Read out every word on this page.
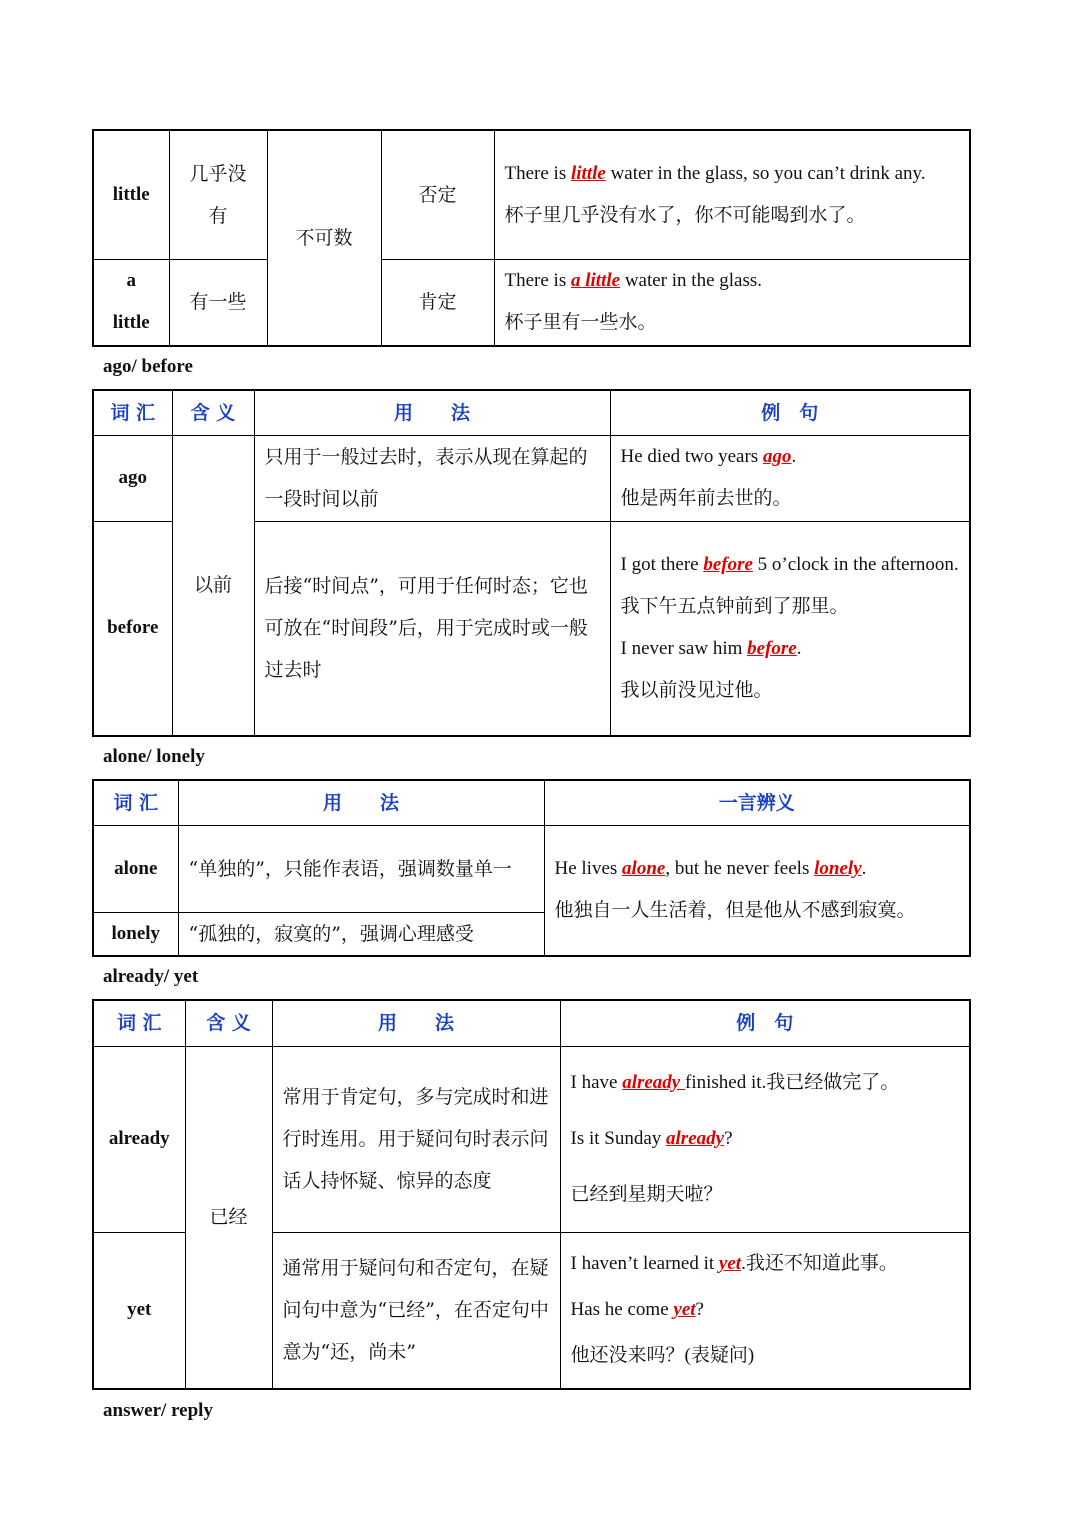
little	几乎没有	不可数	否定	There is little water in the glass, so you can’t drink any.
杯子里几乎没有水了，你不可能喝到水了。

a little	有一些		肯定	There is a little water in the glass.
杯子里有一些水。
ago/ before
词 汇	含 义	用　　法	例　句
ago	以前	只用于一般过去时，表示从现在算起的一段时间以前	He died two years ago.
他是两年前去世的。

before		后接“时间点”，可用于任何时态；它也可放在“时间段”后，用于完成时或一般过去时	I got there before 5 o’clock in the afternoon.
我下午五点钟前到了那里。
I never saw him before.
我以前没见过他。
alone/ lonely
词 汇	用　　法	一言辨义
alone	“单独的”，只能作表语，强调数量单一	He lives alone, but he never feels lonely.
他独自一人生活着，但是他从不感到寂寞。

lonely	“孤独的，寂寞的”，强调心理感受	
already/ yet
词 汇	含 义	用　　法	例　句
already	已经	常用于肯定句，多与完成时和进行时连用。用于疑问句时表示问话人持怀疑、惊异的态度	I have already finished it.我已经做完了。
Is it Sunday already?
已经到星期天啦？

yet		通常用于疑问句和否定句，在疑问句中意为“已经”，在否定句中意为“还，尚未”	I haven’t learned it yet.我还不知道此事。
Has he come yet?
他还没来吗？(表疑问)
answer/ reply
